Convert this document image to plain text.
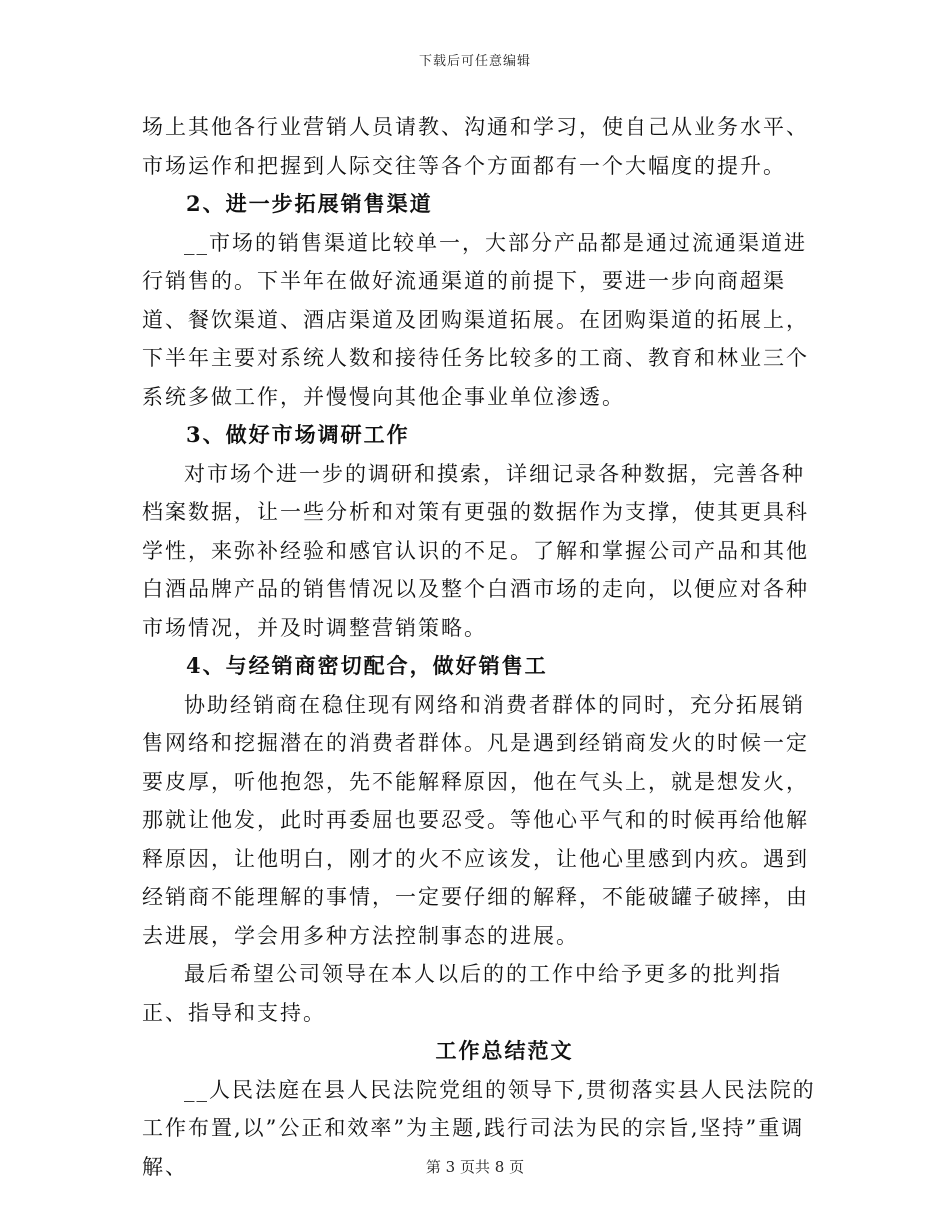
下载后可任意编辑

场上其他各行业营销人员请教、沟通和学习，使自己从业务水平、市场运作和把握到人际交往等各个方面都有一个大幅度的提升。

2、进一步拓展销售渠道

__市场的销售渠道比较单一，大部分产品都是通过流通渠道进行销售的。下半年在做好流通渠道的前提下，要进一步向商超渠道、餐饮渠道、酒店渠道及团购渠道拓展。在团购渠道的拓展上，下半年主要对系统人数和接待任务比较多的工商、教育和林业三个系统多做工作，并慢慢向其他企事业单位渗透。

3、做好市场调研工作

对市场个进一步的调研和摸索，详细记录各种数据，完善各种档案数据，让一些分析和对策有更强的数据作为支撑，使其更具科学性，来弥补经验和感官认识的不足。了解和掌握公司产品和其他白酒品牌产品的销售情况以及整个白酒市场的走向，以便应对各种市场情况，并及时调整营销策略。

4、与经销商密切配合，做好销售工

协助经销商在稳住现有网络和消费者群体的同时，充分拓展销售网络和挖掘潜在的消费者群体。凡是遇到经销商发火的时候一定要皮厚，听他抱怨，先不能解释原因，他在气头上，就是想发火，那就让他发，此时再委屈也要忍受。等他心平气和的时候再给他解释原因，让他明白，刚才的火不应该发，让他心里感到内疚。遇到经销商不能理解的事情，一定要仔细的解释，不能破罐子破摔，由去进展，学会用多种方法控制事态的进展。

最后希望公司领导在本人以后的的工作中给予更多的批判指正、指导和支持。

工作总结范文

__人民法庭在县人民法院党组的领导下,贯彻落实县人民法院的工作布置,以”公正和效率”为主题,践行司法为民的宗旨,坚持”重调解、	第 3 页共 8 页
